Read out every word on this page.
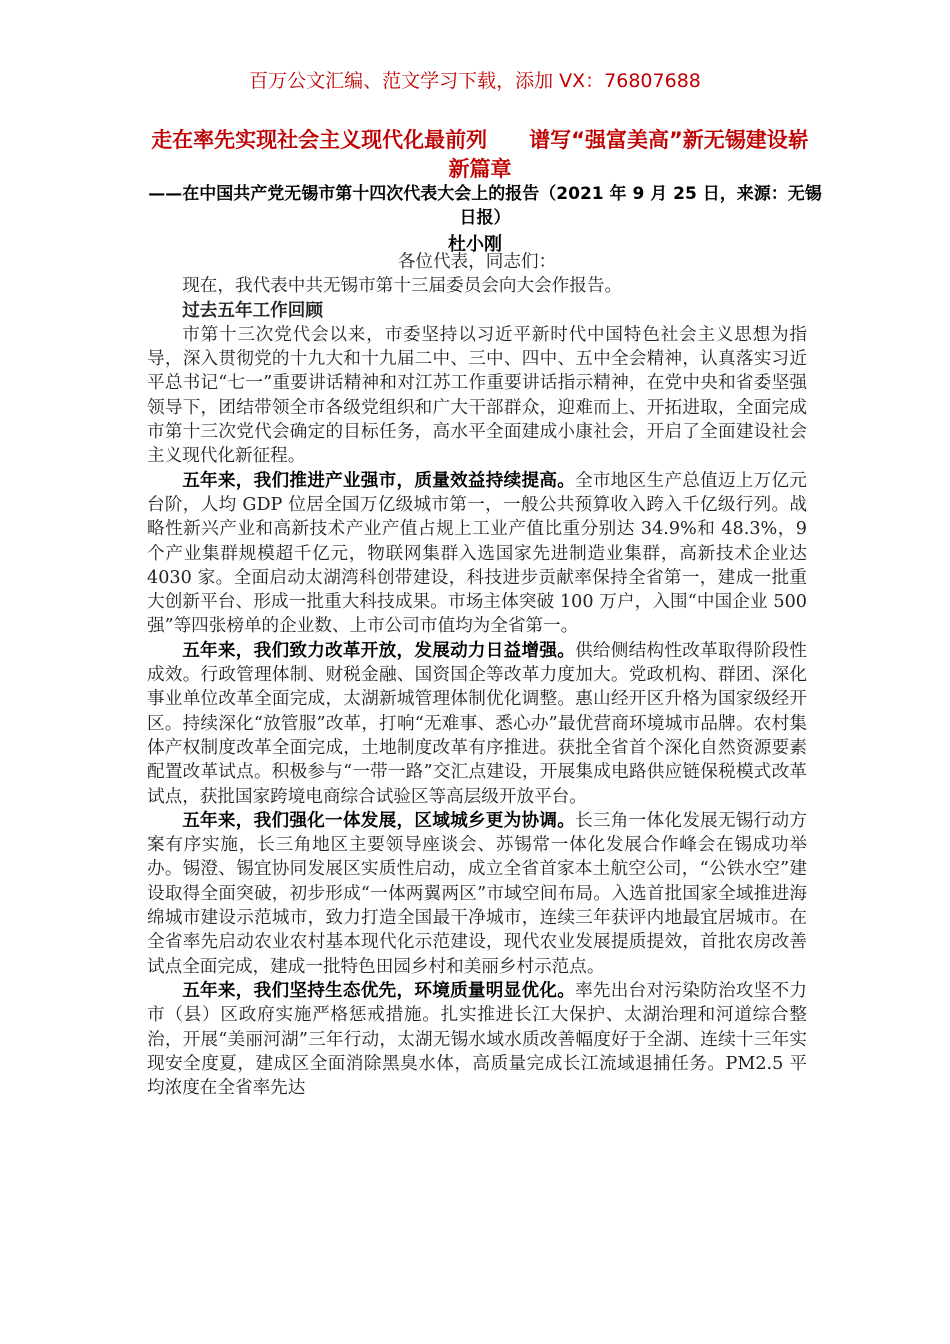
百万公文汇编、范文学习下载，添加 VX：76807688
走在率先实现社会主义现代化最前列　　谱写“强富美高”新无锡建设崭新篇章
——在中国共产党无锡市第十四次代表大会上的报告（2021 年 9 月 25 日，来源：无锡日报）
杜小刚

各位代表，同志们：

现在，我代表中共无锡市第十三届委员会向大会作报告。

过去五年工作回顾

市第十三次党代会以来，市委坚持以习近平新时代中国特色社会主义思想为指导，深入贯彻党的十九大和十九届二中、三中、四中、五中全会精神，认真落实习近平总书记“七一”重要讲话精神和对江苏工作重要讲话指示精神，在党中央和省委坚强领导下，团结带领全市各级党组织和广大干部群众，迎难而上、开拓进取，全面完成市第十三次党代会确定的目标任务，高水平全面建成小康社会，开启了全面建设社会主义现代化新征程。

五年来，我们推进产业强市，质量效益持续提高。全市地区生产总值迈上万亿元台阶，人均 GDP 位居全国万亿级城市第一，一般公共预算收入跨入千亿级行列。战略性新兴产业和高新技术产业产值占规上工业产值比重分别达 34.9%和 48.3%，9 个产业集群规模超千亿元，物联网集群入选国家先进制造业集群，高新技术企业达 4030 家。全面启动太湖湾科创带建设，科技进步贡献率保持全省第一，建成一批重大创新平台、形成一批重大科技成果。市场主体突破 100 万户，入围“中国企业 500 强”等四张榜单的企业数、上市公司市值均为全省第一。

五年来，我们致力改革开放，发展动力日益增强。供给侧结构性改革取得阶段性成效。行政管理体制、财税金融、国资国企等改革力度加大。党政机构、群团、深化事业单位改革全面完成，太湖新城管理体制优化调整。惠山经开区升格为国家级经开区。持续深化“放管服”改革，打响“无难事、悉心办”最优营商环境城市品牌。农村集体产权制度改革全面完成，土地制度改革有序推进。获批全省首个深化自然资源要素配置改革试点。积极参与“一带一路”交汇点建设，开展集成电路供应链保税模式改革试点，获批国家跨境电商综合试验区等高层级开放平台。

五年来，我们强化一体发展，区域城乡更为协调。长三角一体化发展无锡行动方案有序实施，长三角地区主要领导座谈会、苏锡常一体化发展合作峰会在锡成功举办。锡澄、锡宜协同发展区实质性启动，成立全省首家本土航空公司，“公铁水空”建设取得全面突破，初步形成“一体两翼两区”市域空间布局。入选首批国家全域推进海绵城市建设示范城市，致力打造全国最干净城市，连续三年获评内地最宜居城市。在全省率先启动农业农村基本现代化示范建设，现代农业发展提质提效，首批农房改善试点全面完成，建成一批特色田园乡村和美丽乡村示范点。

五年来，我们坚持生态优先，环境质量明显优化。率先出台对污染防治攻坚不力市（县）区政府实施严格惩戒措施。扎实推进长江大保护、太湖治理和河道综合整治，开展“美丽河湖”三年行动，太湖无锡水域水质改善幅度好于全湖、连续十三年实现安全度夏，建成区全面消除黑臭水体，高质量完成长江流域退捕任务。PM2.5 平均浓度在全省率先达
